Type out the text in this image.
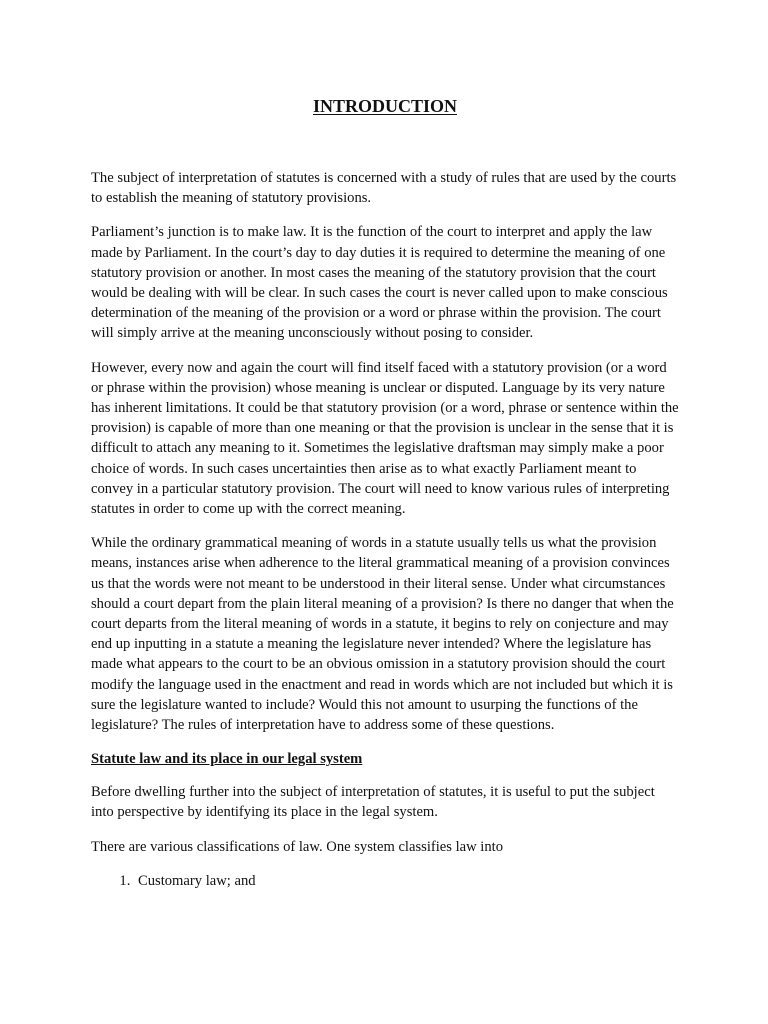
INTRODUCTION

The subject of interpretation of statutes is concerned with a study of rules that are used by the courts to establish the meaning of statutory provisions.

Parliament’s junction is to make law. It is the function of the court to interpret and apply the law made by Parliament. In the court’s day to day duties it is required to determine the meaning of one statutory provision or another. In most cases the meaning of the statutory provision that the court would be dealing with will be clear. In such cases the court is never called upon to make conscious determination of the meaning of the provision or a word or phrase within the provision. The court will simply arrive at the meaning unconsciously without posing to consider.

However, every now and again the court will find itself faced with a statutory provision (or a word or phrase within the provision) whose meaning is unclear or disputed. Language by its very nature has inherent limitations. It could be that statutory provision (or a word, phrase or sentence within the provision) is capable of more than one meaning or that the provision is unclear in the sense that it is difficult to attach any meaning to it. Sometimes the legislative draftsman may simply make a poor choice of words. In such cases uncertainties then arise as to what exactly Parliament meant to convey in a particular statutory provision. The court will need to know various rules of interpreting statutes in order to come up with the correct meaning.

While the ordinary grammatical meaning of words in a statute usually tells us what the provision means, instances arise when adherence to the literal grammatical meaning of a provision convinces us that the words were not meant to be understood in their literal sense. Under what circumstances should a court depart from the plain literal meaning of a provision? Is there no danger that when the court departs from the literal meaning of words in a statute, it begins to rely on conjecture and may end up inputting in a statute a meaning the legislature never intended? Where the legislature has made what appears to the court to be an obvious omission in a statutory provision should the court modify the language used in the enactment and read in words which are not included but which it is sure the legislature wanted to include? Would this not amount to usurping the functions of the legislature? The rules of interpretation have to address some of these questions.

Statute law and its place in our legal system

Before dwelling further into the subject of interpretation of statutes, it is useful to put the subject into perspective by identifying its place in the legal system.

There are various classifications of law. One system classifies law into

1. Customary law; and
